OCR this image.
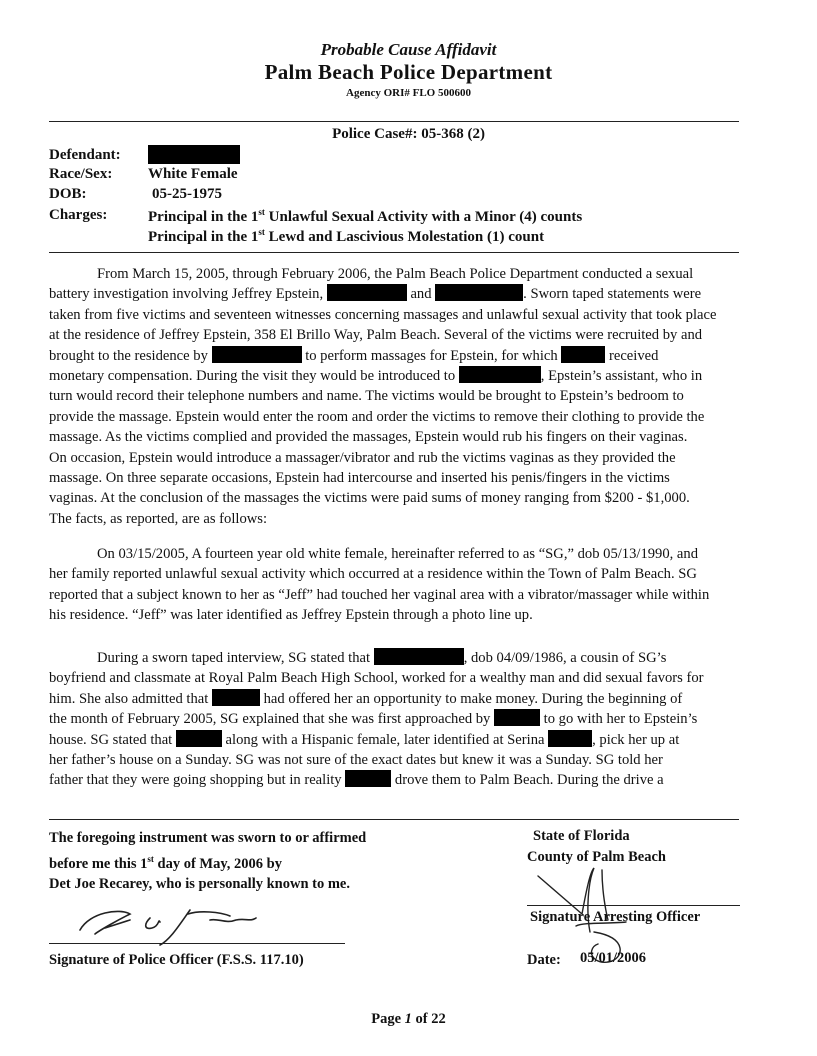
Probable Cause Affidavit
Palm Beach Police Department
Agency ORI# FLO 500600
Police Case#: 05-368 (2)
Defendant:
Race/Sex: White Female
DOB:	05-25-1975
Charges:	Principal in the 1st Unlawful Sexual Activity with a Minor (4) counts
Principal in the 1st Lewd and Lascivious Molestation (1) count
From March 15, 2005, through February 2006, the Palm Beach Police Department conducted a sexual
battery investigation involving Jeffrey Epstein,	and	. Sworn taped statements were
taken from five victims and seventeen witnesses concerning massages and unlawful sexual activity that took place
at the residence of Jeffrey Epstein, 358 El Brillo Way, Palm Beach. Several of the victims were recruited by and
brought to the residence by	to perform massages for Epstein, for which	received
monetary compensation. During the visit they would be introduced to	, Epstein’s assistant, who in
turn would record their telephone numbers and name. The victims would be brought to Epstein’s bedroom to
provide the massage. Epstein would enter the room and order the victims to remove their clothing to provide the
massage. As the victims complied and provided the massages, Epstein would rub his fingers on their vaginas.
On occasion, Epstein would introduce a massager/vibrator and rub the victims vaginas as they provided the
massage. On three separate occasions, Epstein had intercourse and inserted his penis/fingers in the victims
vaginas. At the conclusion of the massages the victims were paid sums of money ranging from $200 - $1,000.
The facts, as reported, are as follows:
On 03/15/2005, A fourteen year old white female, hereinafter referred to as “SG,” dob 05/13/1990, and
her family reported unlawful sexual activity which occurred at a residence within the Town of Palm Beach. SG
reported that a subject known to her as “Jeff” had touched her vaginal area with a vibrator/massager while within
his residence. “Jeff” was later identified as Jeffrey Epstein through a photo line up.
During a sworn taped interview, SG stated that	, dob 04/09/1986, a cousin of SG’s
boyfriend and classmate at Royal Palm Beach High School, worked for a wealthy man and did sexual favors for
him. She also admitted that	had offered her an opportunity to make money. During the beginning of
the month of February 2005, SG explained that she was first approached by	to go with her to Epstein’s
house. SG stated that	along with a Hispanic female, later identified at Serina	, pick her up at
her father’s house on a Sunday. SG was not sure of the exact dates but knew it was a Sunday. SG told her
father that they were going shopping but in reality	drove them to Palm Beach. During the drive a
The foregoing instrument was sworn to or affirmed
before me this 1st day of May, 2006 by
Det Joe Recarey, who is personally known to me.
Signature of Police Officer (F.S.S. 117.10)
State of Florida
County of Palm Beach
Signature Arresting Officer
Date: 05/01/2006
Page 1 of 22
